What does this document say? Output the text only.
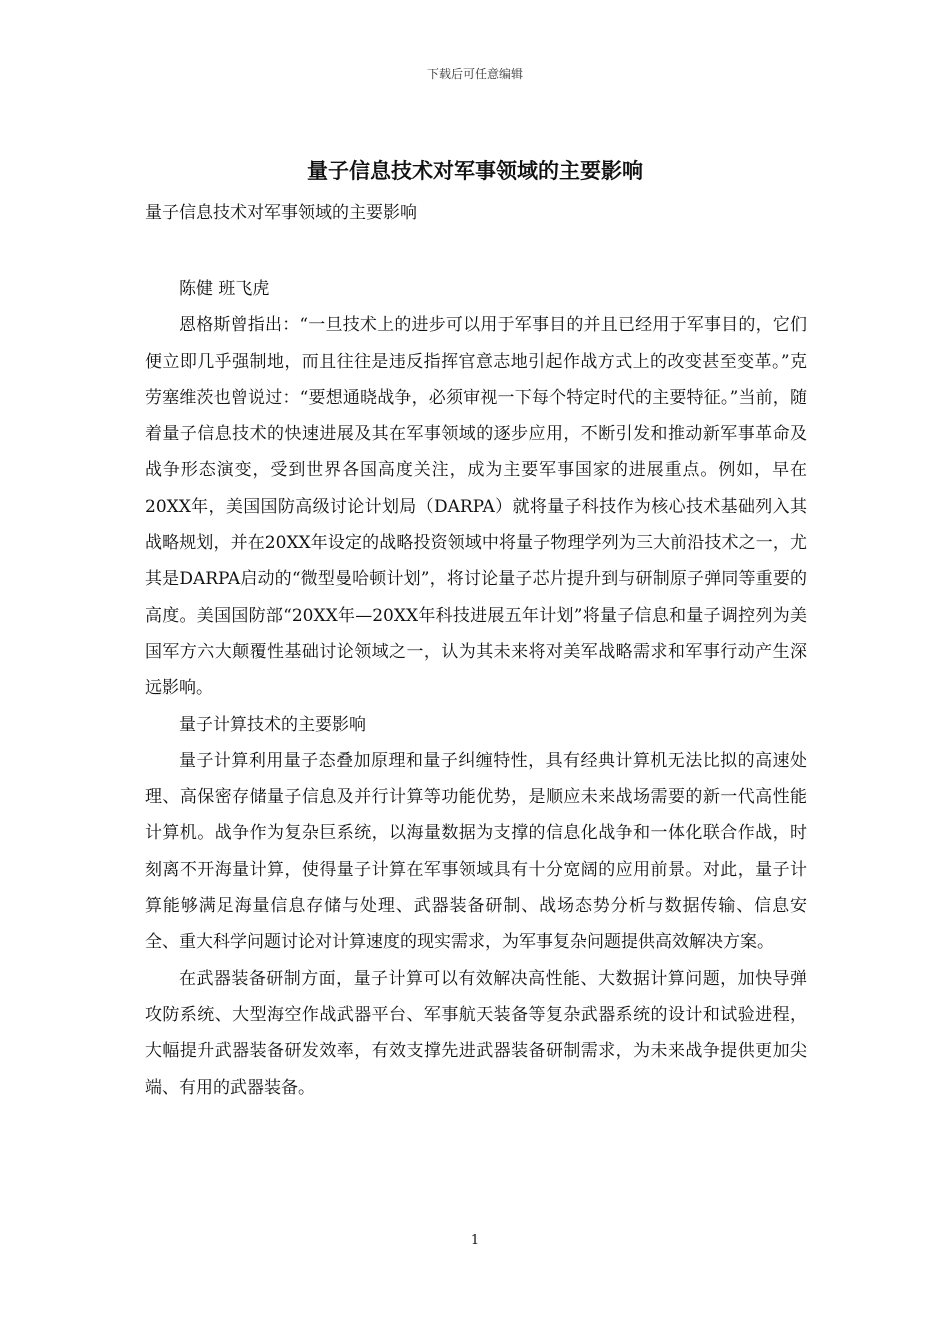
下载后可任意编辑
量子信息技术对军事领域的主要影响
量子信息技术对军事领域的主要影响

陈健 班飞虎

恩格斯曾指出：“一旦技术上的进步可以用于军事目的并且已经用于军事目的，它们便立即几乎强制地，而且往往是违反指挥官意志地引起作战方式上的改变甚至变革。”克劳塞维茨也曾说过：“要想通晓战争，必须审视一下每个特定时代的主要特征。”当前，随着量子信息技术的快速进展及其在军事领域的逐步应用，不断引发和推动新军事革命及战争形态演变，受到世界各国高度关注，成为主要军事国家的进展重点。例如，早在20XX年，美国国防高级讨论计划局（DARPA）就将量子科技作为核心技术基础列入其战略规划，并在20XX年设定的战略投资领域中将量子物理学列为三大前沿技术之一，尤其是DARPA启动的“微型曼哈顿计划”，将讨论量子芯片提升到与研制原子弹同等重要的高度。美国国防部“20XX年—20XX年科技进展五年计划”将量子信息和量子调控列为美国军方六大颠覆性基础讨论领域之一，认为其未来将对美军战略需求和军事行动产生深远影响。

量子计算技术的主要影响

量子计算利用量子态叠加原理和量子纠缠特性，具有经典计算机无法比拟的高速处理、高保密存储量子信息及并行计算等功能优势，是顺应未来战场需要的新一代高性能计算机。战争作为复杂巨系统，以海量数据为支撑的信息化战争和一体化联合作战，时刻离不开海量计算，使得量子计算在军事领域具有十分宽阔的应用前景。对此，量子计算能够满足海量信息存储与处理、武器装备研制、战场态势分析与数据传输、信息安全、重大科学问题讨论对计算速度的现实需求，为军事复杂问题提供高效解决方案。

在武器装备研制方面，量子计算可以有效解决高性能、大数据计算问题，加快导弹攻防系统、大型海空作战武器平台、军事航天装备等复杂武器系统的设计和试验进程，大幅提升武器装备研发效率，有效支撑先进武器装备研制需求，为未来战争提供更加尖端、有用的武器装备。

1
